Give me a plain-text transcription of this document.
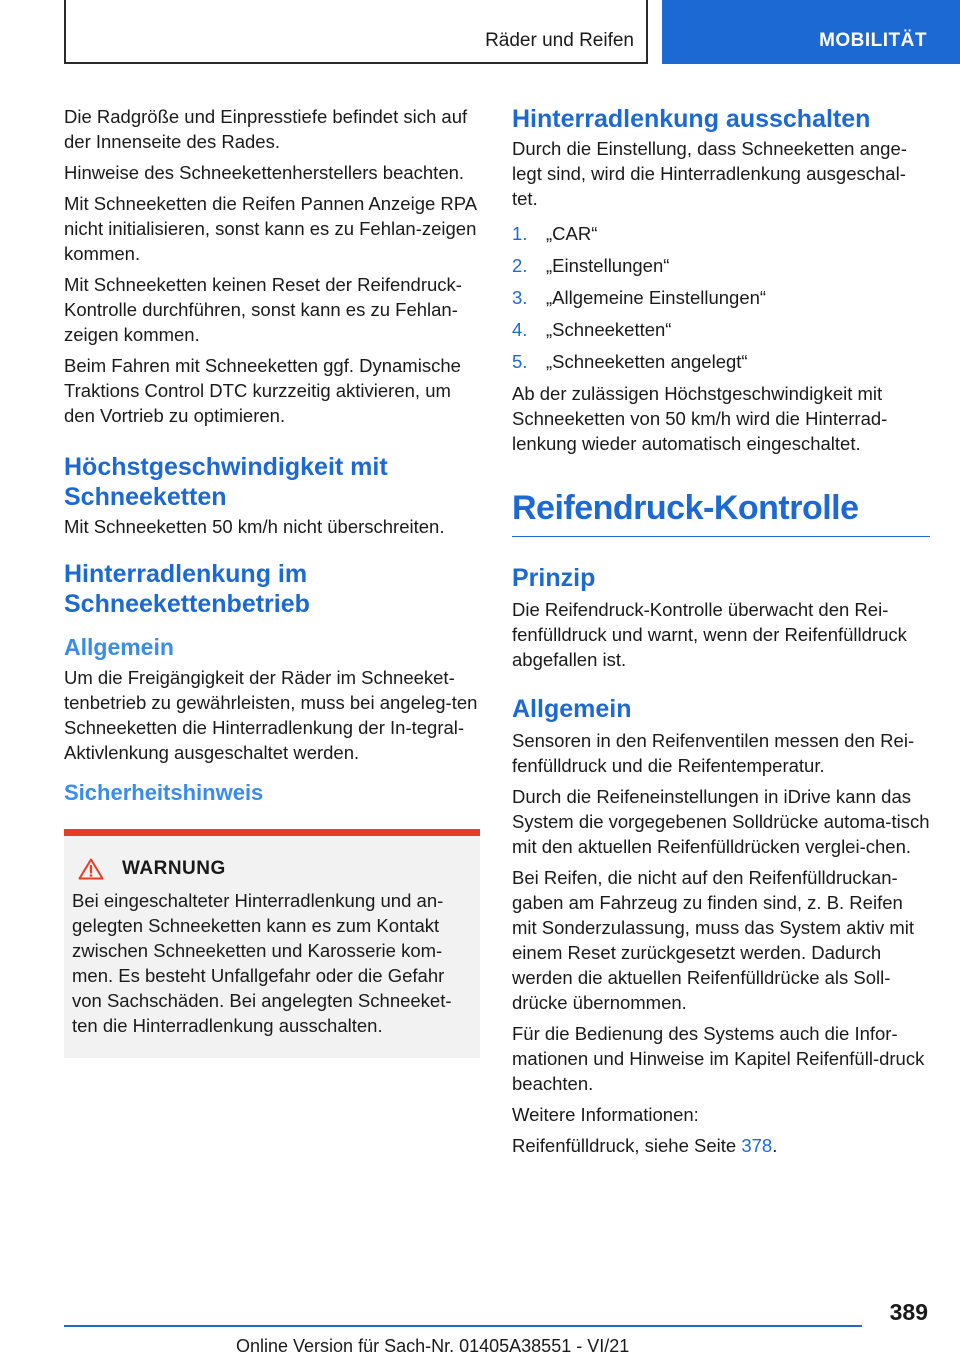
Räder und Reifen	MOBILITÄT

Die Radgröße und Einpresstiefe befindet sich auf der Innenseite des Rades.

Hinweise des Schneekettenherstellers beachten.

Mit Schneeketten die Reifen Pannen Anzeige RPA nicht initialisieren, sonst kann es zu Fehlan-zeigen kommen.

Mit Schneeketten keinen Reset der Reifendruck-Kontrolle durchführen, sonst kann es zu Fehlan-zeigen kommen.

Beim Fahren mit Schneeketten ggf. Dynamische Traktions Control DTC kurzzeitig aktivieren, um den Vortrieb zu optimieren.

Höchstgeschwindigkeit mit Schneeketten

Mit Schneeketten 50 km/h nicht überschreiten.

Hinterradlenkung im Schneekettenbetrieb
Allgemein

Um die Freigängigkeit der Räder im Schneeket-tenbetrieb zu gewährleisten, muss bei angeleg-ten Schneeketten die Hinterradlenkung der In-tegral-Aktivlenkung ausgeschaltet werden.

Sicherheitshinweis
WARNUNG

Bei eingeschalteter Hinterradlenkung und an-gelegten Schneeketten kann es zum Kontakt zwischen Schneeketten und Karosserie kom-men. Es besteht Unfallgefahr oder die Gefahr von Sachschäden. Bei angelegten Schneeket-ten die Hinterradlenkung ausschalten.

Hinterradlenkung ausschalten

Durch die Einstellung, dass Schneeketten ange-legt sind, wird die Hinterradlenkung ausgeschal-tet.

1.	„CAR“
2.	„Einstellungen“
3.	„Allgemeine Einstellungen“
4.	„Schneeketten“
5.	„Schneeketten angelegt“

Ab der zulässigen Höchstgeschwindigkeit mit Schneeketten von 50 km/h wird die Hinterrad-lenkung wieder automatisch eingeschaltet.

Reifendruck-Kontrolle
Prinzip

Die Reifendruck-Kontrolle überwacht den Rei-fenfülldruck und warnt, wenn der Reifenfülldruck abgefallen ist.

Allgemein

Sensoren in den Reifenventilen messen den Rei-fenfülldruck und die Reifentemperatur.

Durch die Reifeneinstellungen in iDrive kann das System die vorgegebenen Solldrücke automa-tisch mit den aktuellen Reifenfülldrücken verglei-chen.

Bei Reifen, die nicht auf den Reifenfülldruckan-gaben am Fahrzeug zu finden sind, z. B. Reifen mit Sonderzulassung, muss das System aktiv mit einem Reset zurückgesetzt werden. Dadurch werden die aktuellen Reifenfülldrücke als Soll-drücke übernommen.

Für die Bedienung des Systems auch die Infor-mationen und Hinweise im Kapitel Reifenfüll-druck beachten.

Weitere Informationen:

Reifenfülldruck, siehe Seite 378.

389
Online Version für Sach-Nr. 01405A38551 - VI/21
